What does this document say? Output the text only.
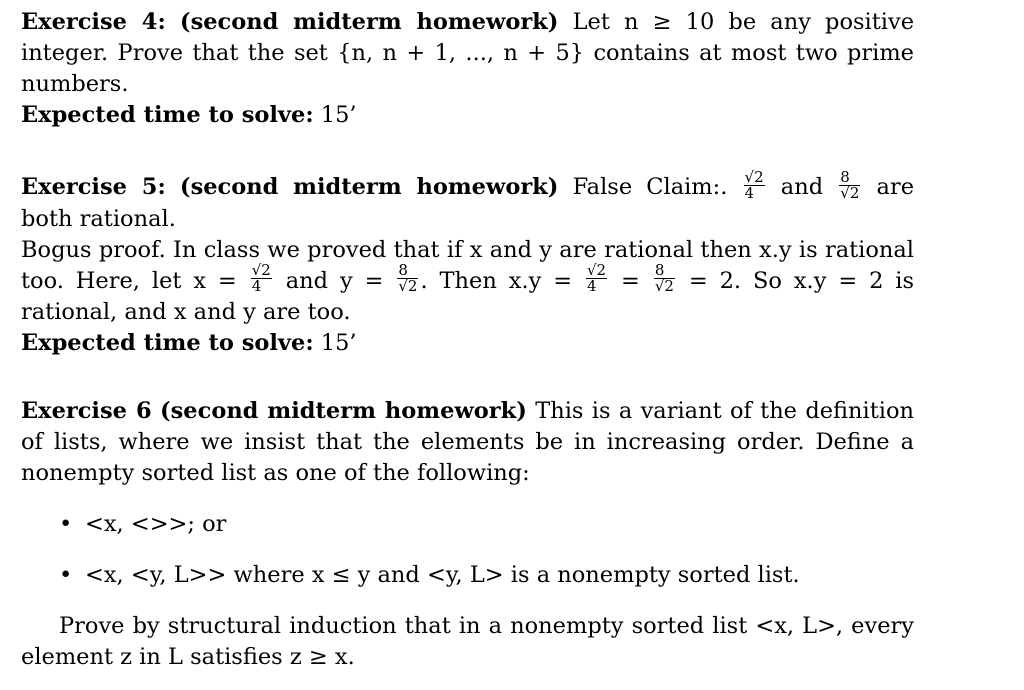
Exercise 4: (second midterm homework) Let n ≥ 10 be any positive
integer. Prove that the set {n, n + 1, ..., n + 5} contains at most two prime
numbers.
Expected time to solve: 15’
Exercise 5: (second midterm homework) False Claim:. $\frac{√2}{4}$ and $\frac{8}{√2}$ are
both rational.
Bogus proof. In class we proved that if x and y are rational then x.y is rational
too. Here, let $x = \frac{√2}{4}$ and $y = \frac{8}{√2}$ . Then $x.y = \frac{√2}{4} = \frac{8}{√2} = 2$. So x.y = 2 is
rational, and x and y are too.
Expected time to solve: 15’
Exercise 6 (second midterm homework) This is a variant of the definition
of lists, where we insist that the elements be in increasing order. Define a
nonempty sorted list as one of the following:
• <x, <>>; or
• <x, <y, L>> where x ≤ y and <y, L> is a nonempty sorted list.
Prove by structural induction that in a nonempty sorted list <x, L>, every
element z in L satisfies z ≥ x.
